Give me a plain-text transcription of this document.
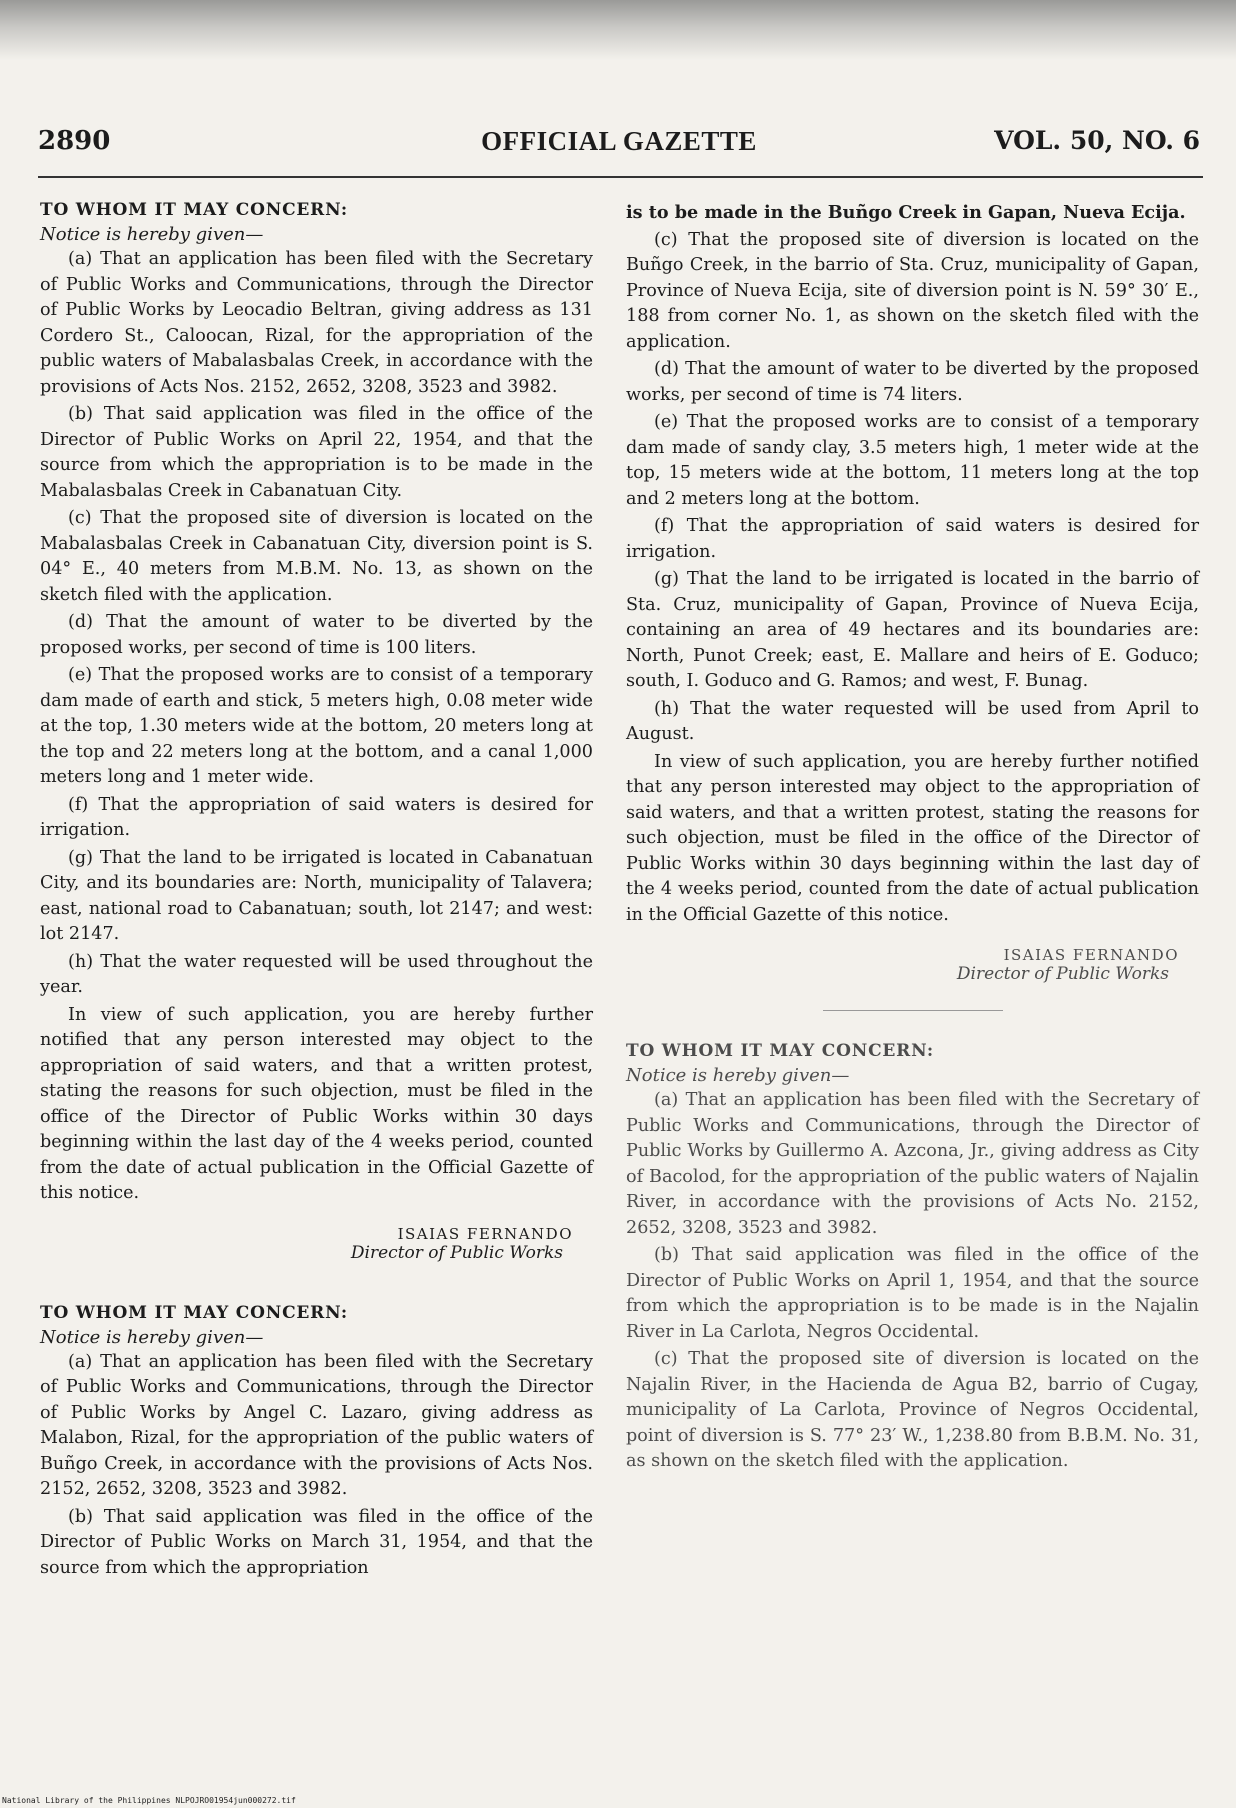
2890	OFFICIAL GAZETTE	VOL. 50, NO. 6
TO WHOM IT MAY CONCERN:
Notice is hereby given—

(a) That an application has been filed with the Secretary of Public Works and Communications, through the Director of Public Works by Leocadio Beltran, giving address as 131 Cordero St., Caloocan, Rizal, for the appropriation of the public waters of Mabalasbalas Creek, in accordance with the provisions of Acts Nos. 2152, 2652, 3208, 3523 and 3982.

(b) That said application was filed in the office of the Director of Public Works on April 22, 1954, and that the source from which the appropriation is to be made in the Mabalasbalas Creek in Cabanatuan City.

(c) That the proposed site of diversion is located on the Mabalasbalas Creek in Cabanatuan City, diversion point is S. 04° E., 40 meters from M.B.M. No. 13, as shown on the sketch filed with the application.

(d) That the amount of water to be diverted by the proposed works, per second of time is 100 liters.

(e) That the proposed works are to consist of a temporary dam made of earth and stick, 5 meters high, 0.08 meter wide at the top, 1.30 meters wide at the bottom, 20 meters long at the top and 22 meters long at the bottom, and a canal 1,000 meters long and 1 meter wide.

(f) That the appropriation of said waters is desired for irrigation.

(g) That the land to be irrigated is located in Cabanatuan City, and its boundaries are: North, municipality of Talavera; east, national road to Cabanatuan; south, lot 2147; and west: lot 2147.

(h) That the water requested will be used throughout the year.

In view of such application, you are hereby further notified that any person interested may object to the appropriation of said waters, and that a written protest, stating the reasons for such objection, must be filed in the office of the Director of Public Works within 30 days beginning within the last day of the 4 weeks period, counted from the date of actual publication in the Official Gazette of this notice.

ISAIAS FERNANDO
Director of Public Works
TO WHOM IT MAY CONCERN:
Notice is hereby given—

(a) That an application has been filed with the Secretary of Public Works and Communications, through the Director of Public Works by Angel C. Lazaro, giving address as Malabon, Rizal, for the appropriation of the public waters of Buñgo Creek, in accordance with the provisions of Acts Nos. 2152, 2652, 3208, 3523 and 3982.

(b) That said application was filed in the office of the Director of Public Works on March 31, 1954, and that the source from which the appropriation

is to be made in the Buñgo Creek in Gapan, Nueva Ecija.

(c) That the proposed site of diversion is located on the Buñgo Creek, in the barrio of Sta. Cruz, municipality of Gapan, Province of Nueva Ecija, site of diversion point is N. 59° 30′ E., 188 from corner No. 1, as shown on the sketch filed with the application.

(d) That the amount of water to be diverted by the proposed works, per second of time is 74 liters.

(e) That the proposed works are to consist of a temporary dam made of sandy clay, 3.5 meters high, 1 meter wide at the top, 15 meters wide at the bottom, 11 meters long at the top and 2 meters long at the bottom.

(f) That the appropriation of said waters is desired for irrigation.

(g) That the land to be irrigated is located in the barrio of Sta. Cruz, municipality of Gapan, Province of Nueva Ecija, containing an area of 49 hectares and its boundaries are: North, Punot Creek; east, E. Mallare and heirs of E. Goduco; south, I. Goduco and G. Ramos; and west, F. Bunag.

(h) That the water requested will be used from April to August.

In view of such application, you are hereby further notified that any person interested may object to the appropriation of said waters, and that a written protest, stating the reasons for such objection, must be filed in the office of the Director of Public Works within 30 days beginning within the last day of the 4 weeks period, counted from the date of actual publication in the Official Gazette of this notice.

ISAIAS FERNANDO
Director of Public Works
TO WHOM IT MAY CONCERN:
Notice is hereby given—

(a) That an application has been filed with the Secretary of Public Works and Communications, through the Director of Public Works by Guillermo A. Azcona, Jr., giving address as City of Bacolod, for the appropriation of the public waters of Najalin River, in accordance with the provisions of Acts No. 2152, 2652, 3208, 3523 and 3982.

(b) That said application was filed in the office of the Director of Public Works on April 1, 1954, and that the source from which the appropriation is to be made is in the Najalin River in La Carlota, Negros Occidental.

(c) That the proposed site of diversion is located on the Najalin River, in the Hacienda de Agua B2, barrio of Cugay, municipality of La Carlota, Province of Negros Occidental, point of diversion is S. 77° 23′ W., 1,238.80 from B.B.M. No. 31, as shown on the sketch filed with the application.

National Library of the Philippines NLPOJRO01954jun000272.tif
